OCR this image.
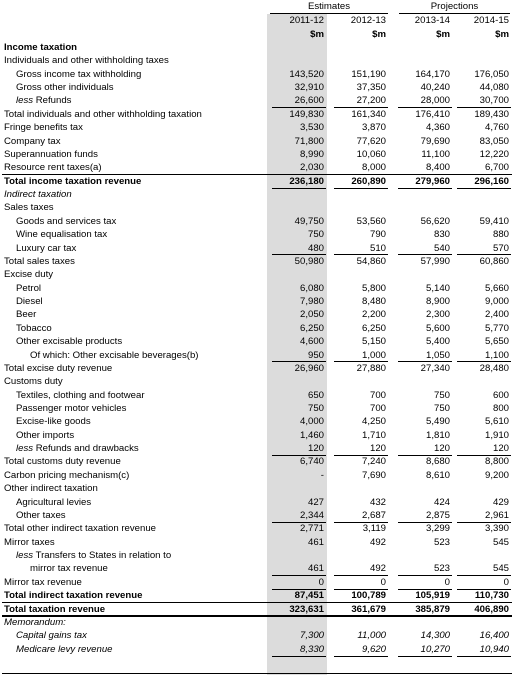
Estimates	Projections
2011-12	2012-13	2013-14	2014-15
$m	$m	$m	$m
Income taxation
Individuals and other withholding taxes
Gross income tax withholding	143,520	151,190	164,170	176,050
Gross other individuals	32,910	37,350	40,240	44,080
less Refunds	26,600	27,200	28,000	30,700
Total individuals and other withholding taxation	149,830	161,340	176,410	189,430
Fringe benefits tax	3,530	3,870	4,360	4,760
Company tax	71,800	77,620	79,690	83,050
Superannuation funds	8,990	10,060	11,100	12,220
Resource rent taxes(a)	2,030	8,000	8,400	6,700
Total income taxation revenue	236,180	260,890	279,960	296,160
Indirect taxation
Sales taxes
Goods and services tax	49,750	53,560	56,620	59,410
Wine equalisation tax	750	790	830	880
Luxury car tax	480	510	540	570
Total sales taxes	50,980	54,860	57,990	60,860
Excise duty
Petrol	6,080	5,800	5,140	5,660
Diesel	7,980	8,480	8,900	9,000
Beer	2,050	2,200	2,300	2,400
Tobacco	6,250	6,250	5,600	5,770
Other excisable products	4,600	5,150	5,400	5,650
Of which: Other excisable beverages(b)	950	1,000	1,050	1,100
Total excise duty revenue	26,960	27,880	27,340	28,480
Customs duty
Textiles, clothing and footwear	650	700	750	600
Passenger motor vehicles	750	700	750	800
Excise-like goods	4,000	4,250	5,490	5,610
Other imports	1,460	1,710	1,810	1,910
less Refunds and drawbacks	120	120	120	120
Total customs duty revenue	6,740	7,240	8,680	8,800
Carbon pricing mechanism(c)	-	7,690	8,610	9,200
Other indirect taxation
Agricultural levies	427	432	424	429
Other taxes	2,344	2,687	2,875	2,961
Total other indirect taxation revenue	2,771	3,119	3,299	3,390
Mirror taxes	461	492	523	545
less Transfers to States in relation to
mirror tax revenue	461	492	523	545
Mirror tax revenue	0	0	0	0
Total indirect taxation revenue	87,451	100,789	105,919	110,730
Total taxation revenue	323,631	361,679	385,879	406,890
Memorandum:
Capital gains tax	7,300	11,000	14,300	16,400
Medicare levy revenue	8,330	9,620	10,270	10,940
